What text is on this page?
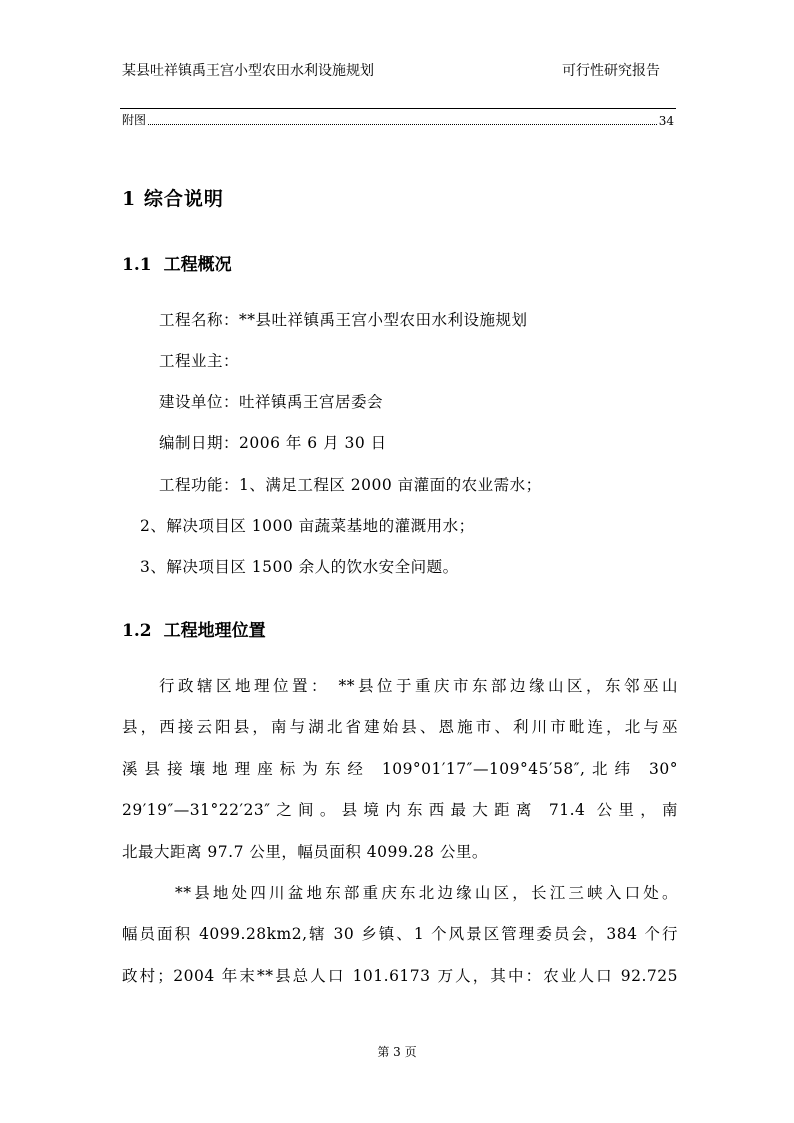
某县吐祥镇禹王宫小型农田水利设施规划	可行性研究报告
附图	34
1 综合说明
1.1 工程概况
工程名称：**县吐祥镇禹王宫小型农田水利设施规划
工程业主：
建设单位：吐祥镇禹王宫居委会
编制日期：2006 年 6 月 30 日
工程功能：1、满足工程区 2000 亩灌面的农业需水；
2、解决项目区 1000 亩蔬菜基地的灌溉用水；
3、解决项目区 1500 余人的饮水安全问题。
1.2 工程地理位置
行政辖区地理位置： **县位于重庆市东部边缘山区，东邻巫山
县，西接云阳县，南与湖北省建始县、恩施市、利川市毗连，北与巫
溪县接壤地理座标为东经 109°01′17″—109°45′58″,北纬 30°
29′19″—31°22′23″之间。县境内东西最大距离 71.4 公里，南
北最大距离 97.7 公里，幅员面积 4099.28 公里。
**县地处四川盆地东部重庆东北边缘山区，长江三峡入口处。
幅员面积 4099.28km2,辖 30 乡镇、1 个风景区管理委员会，384 个行
政村；2004 年末**县总人口 101.6173 万人，其中：农业人口 92.725
第 3 页
